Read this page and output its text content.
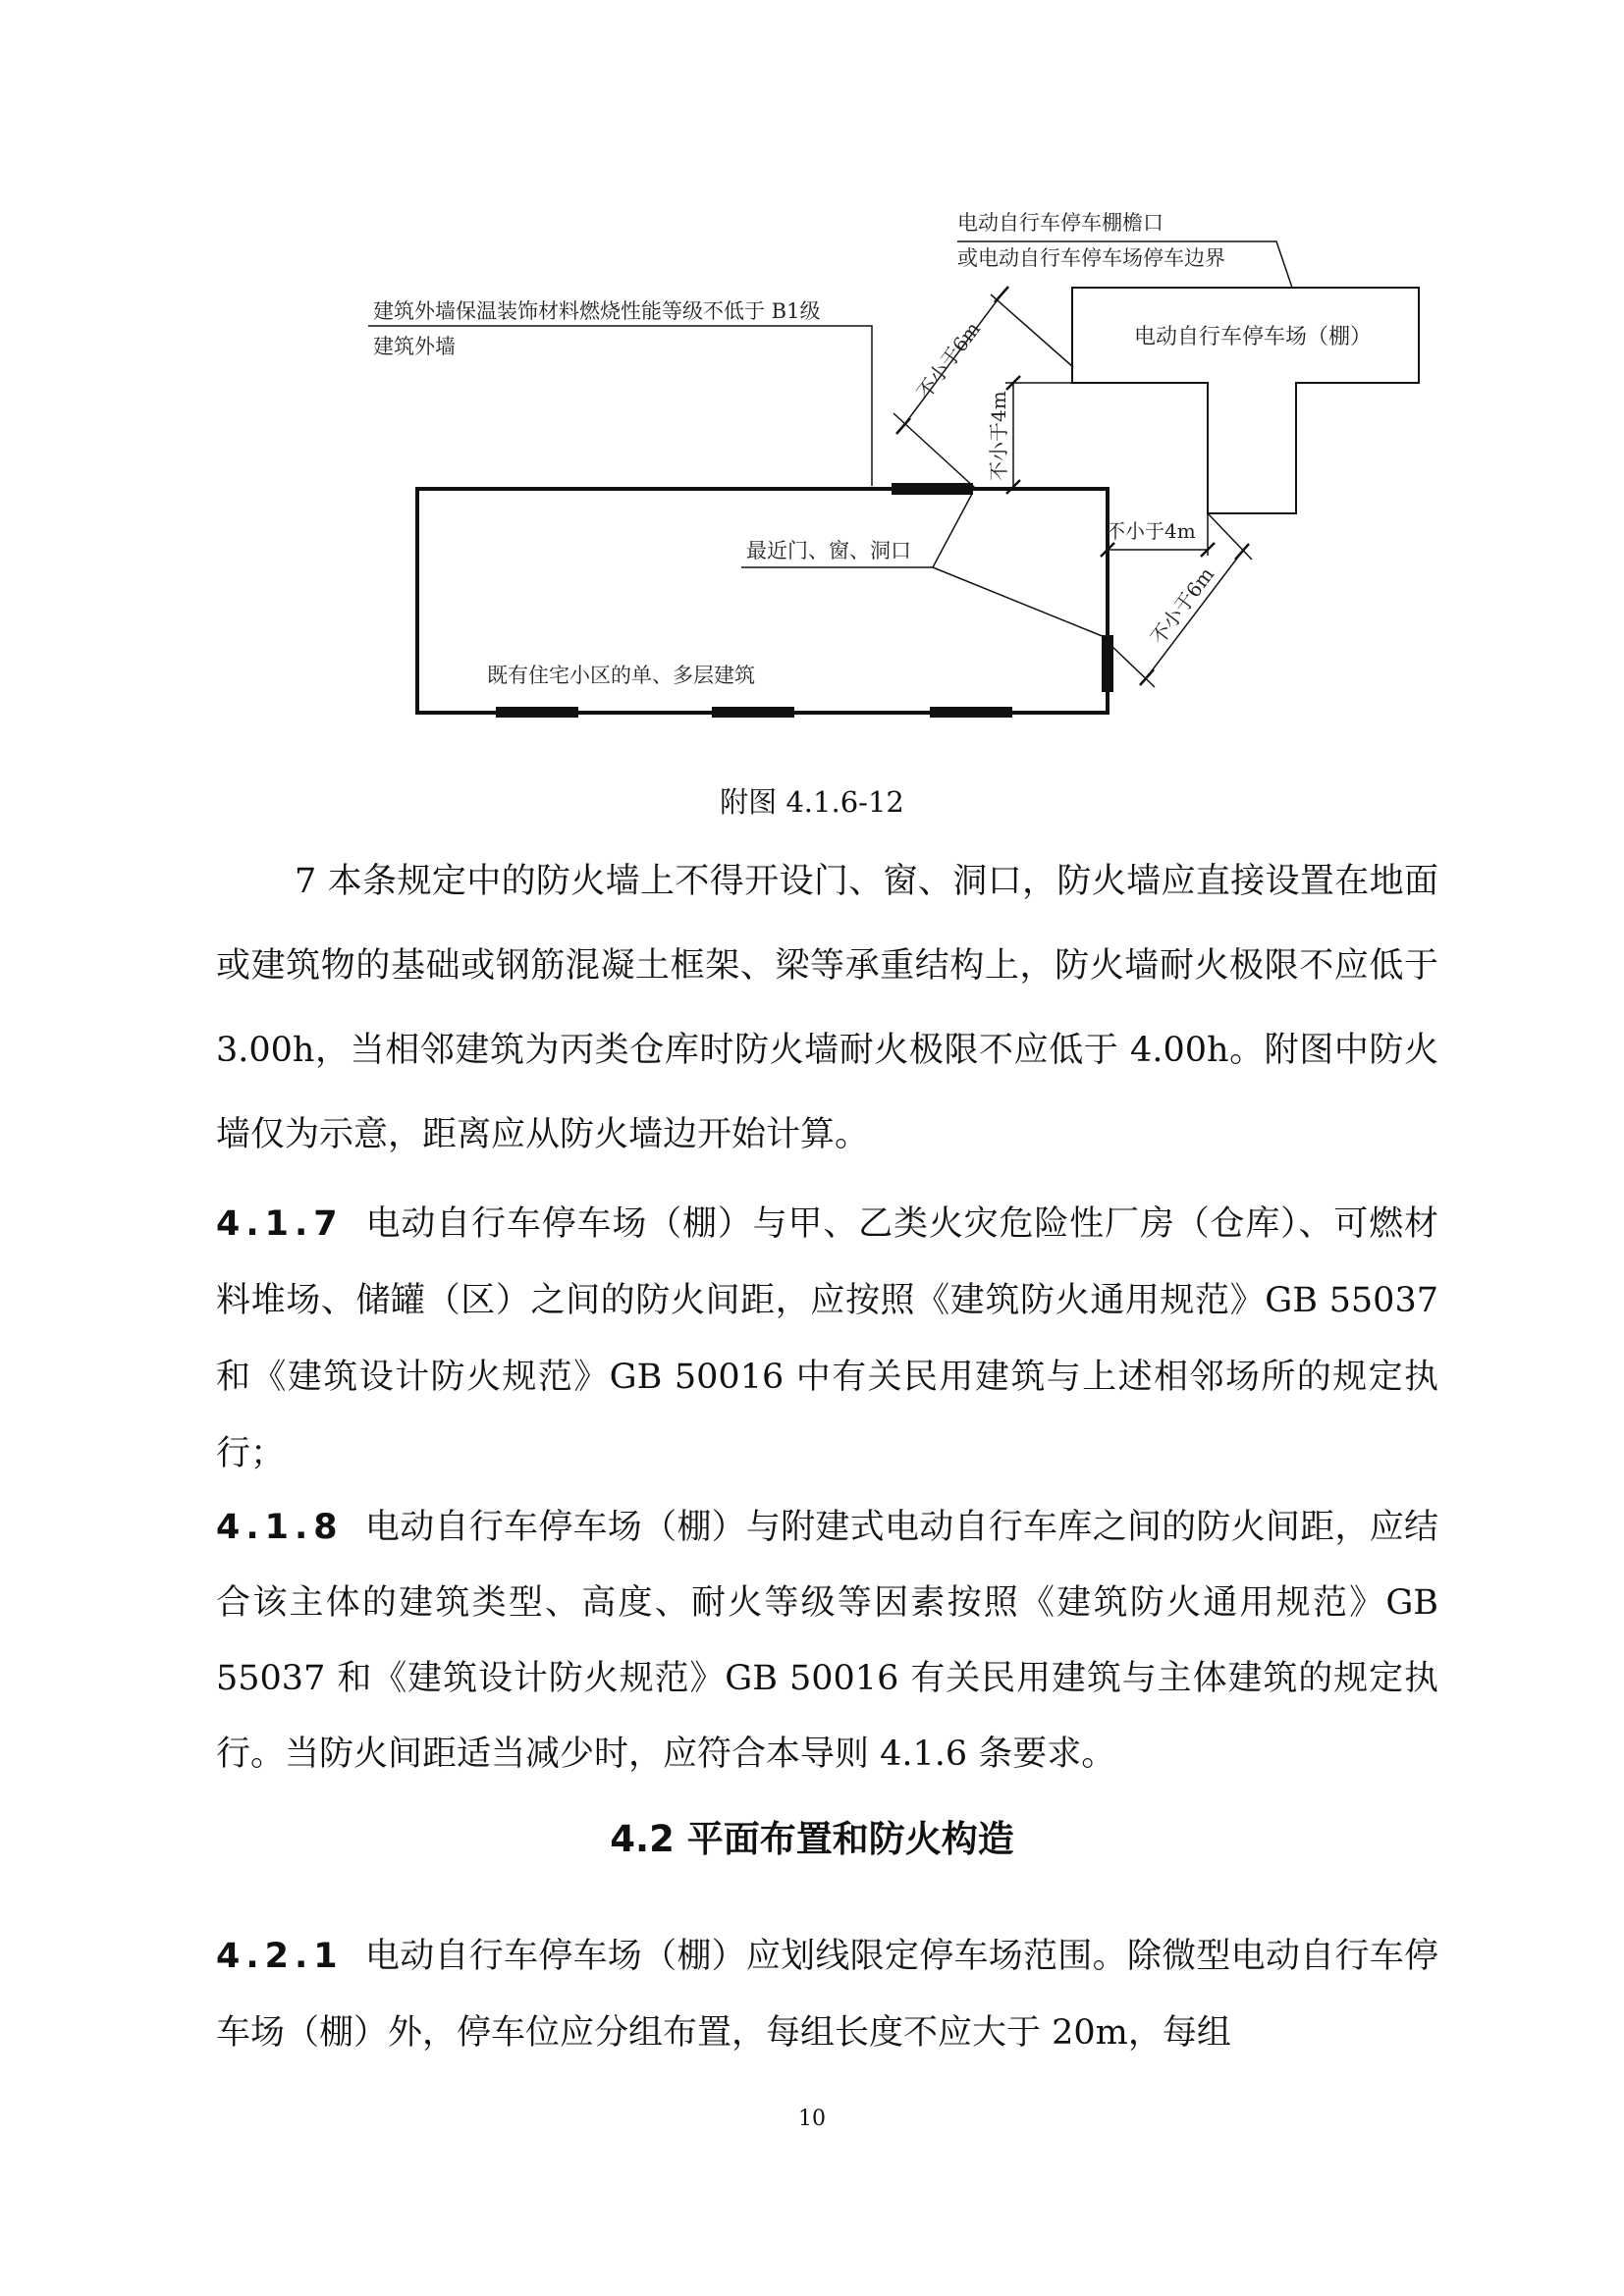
电动自行车停车棚檐口
或电动自行车停车场停车边界
建筑外墙保温装饰材料燃烧性能等级不低于 B1级
建筑外墙	电动自行车停车场（棚）
最近门、窗、洞口
既有住宅小区的单、多层建筑
不小于6m
不小于4m
不小于4m
不小于6m
附图 4.1.6-12

7 本条规定中的防火墙上不得开设门、窗、洞口，防火墙应直接设置在地面或建筑物的基础或钢筋混凝土框架、梁等承重结构上，防火墙耐火极限不应低于 3.00h，当相邻建筑为丙类仓库时防火墙耐火极限不应低于 4.00h。附图中防火墙仅为示意，距离应从防火墙边开始计算。

4.1.7 电动自行车停车场（棚）与甲、乙类火灾危险性厂房（仓库）、可燃材料堆场、储罐（区）之间的防火间距，应按照《建筑防火通用规范》GB 55037 和《建筑设计防火规范》GB 50016 中有关民用建筑与上述相邻场所的规定执行；

4.1.8 电动自行车停车场（棚）与附建式电动自行车库之间的防火间距，应结合该主体的建筑类型、高度、耐火等级等因素按照《建筑防火通用规范》GB 55037 和《建筑设计防火规范》GB 50016 有关民用建筑与主体建筑的规定执行。当防火间距适当减少时，应符合本导则 4.1.6 条要求。

4.2 平面布置和防火构造

4.2.1 电动自行车停车场（棚）应划线限定停车场范围。除微型电动自行车停车场（棚）外，停车位应分组布置，每组长度不应大于 20m，每组

10
